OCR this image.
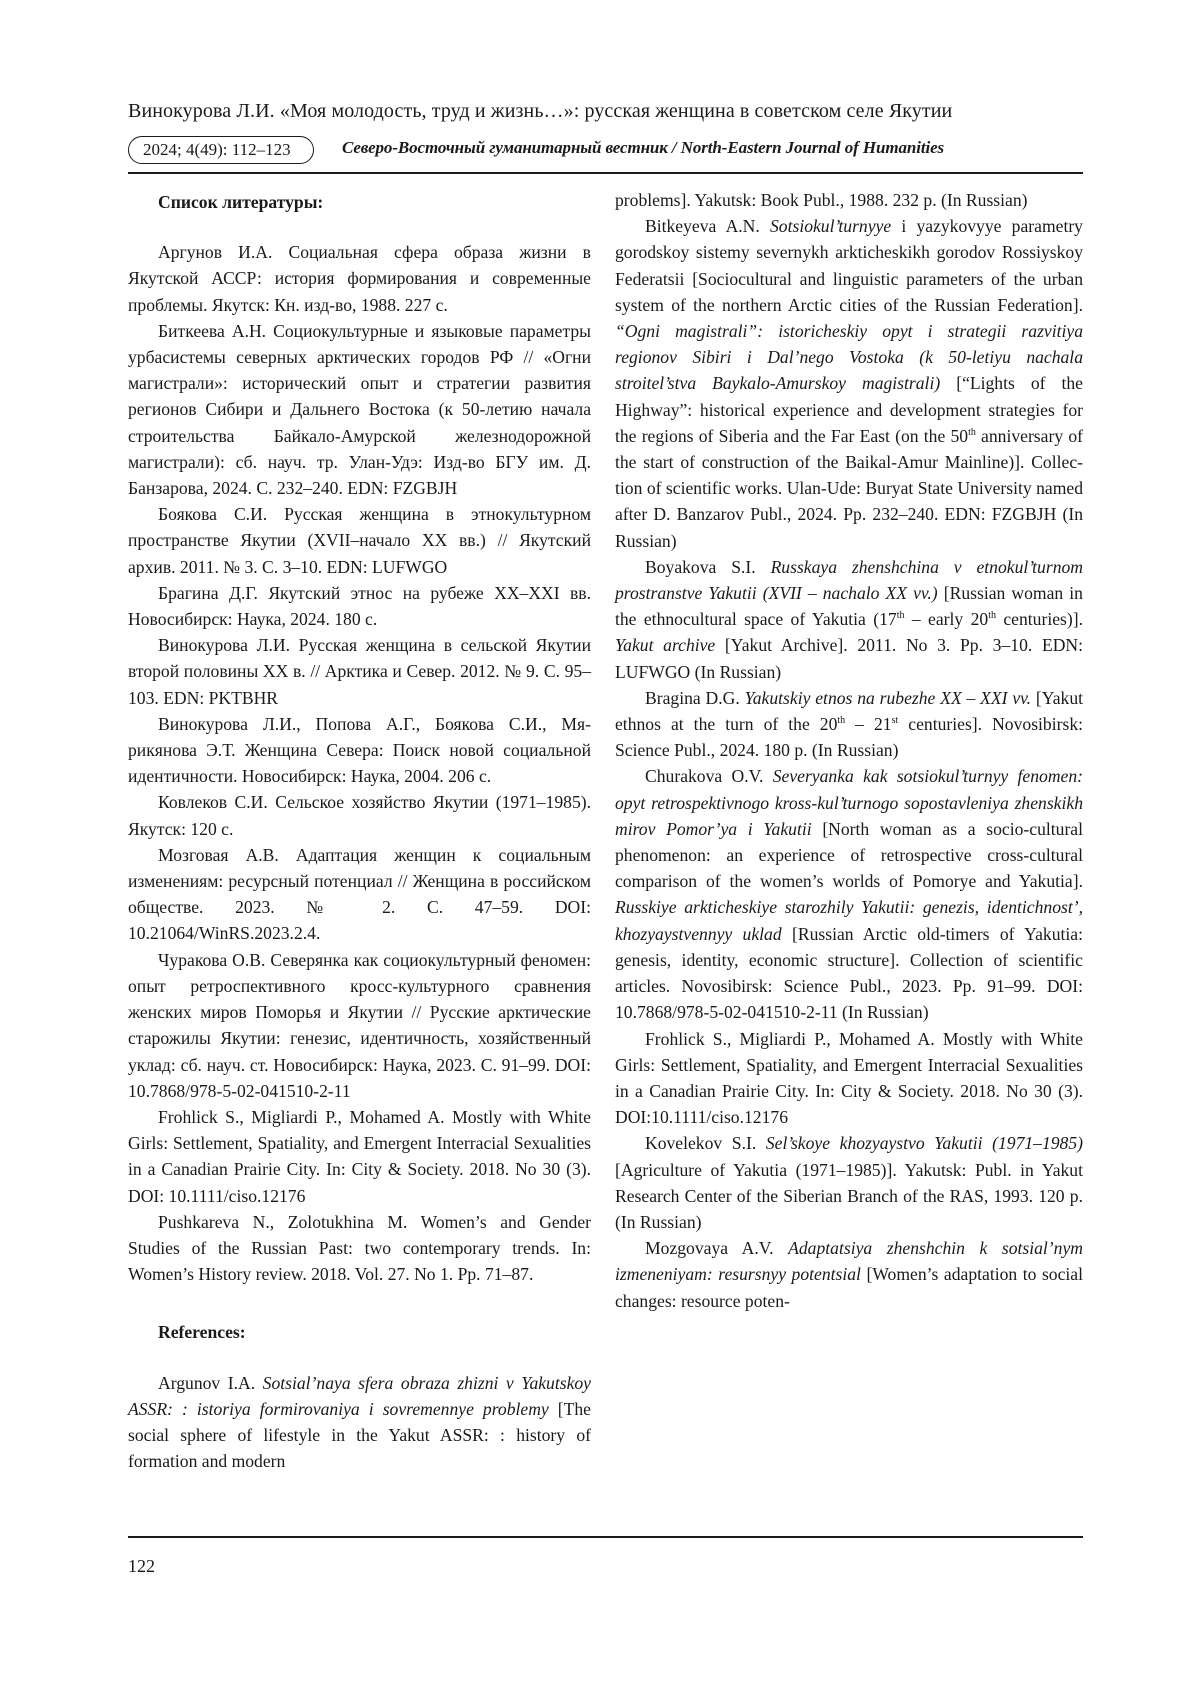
Винокурова Л.И. «Моя молодость, труд и жизнь…»: русская женщина в советском селе Якутии
2024; 4(49): 112–123	Северо-Восточный гуманитарный вестник / North-Eastern Journal of Humanities

Список литературы:

Аргунов И.А. Социальная сфера образа жизни в Якутской АССР: история формирования и современные проблемы. Якутск: Кн. изд-во, 1988. 227 с.

Биткеева А.Н. Социокультурные и языковые параметры урбасистемы северных арктических городов РФ // «Огни магистрали»: исторический опыт и стратегии развития регионов Сибири и Дальнего Востока (к 50-летию начала строительства Байкало-Амурской железнодорожной магистрали): сб. науч. тр. Улан-Удэ: Изд-во БГУ им. Д. Банзарова, 2024. С. 232–240. EDN: FZGBJH

Боякова С.И. Русская женщина в этнокультурном пространстве Якутии (XVII–начало XX вв.) // Якутский архив. 2011. № 3. С. 3–10. EDN: LUFWGO

Брагина Д.Г. Якутский этнос на рубеже XX–XXI вв. Новосибирск: Наука, 2024. 180 с.

Винокурова Л.И. Русская женщина в сельской Якутии второй половины XX в. // Арктика и Север. 2012. № 9. С. 95–103. EDN: PKTBHR

Винокурова Л.И., Попова А.Г., Боякова С.И., Мярикянова Э.Т. Женщина Севера: Поиск новой социальной идентичности. Новосибирск: Наука, 2004. 206 с.

Ковлеков С.И. Сельское хозяйство Якутии (1971–1985). Якутск: 120 с.

Мозговая А.В. Адаптация женщин к социальным изменениям: ресурсный потенциал // Женщина в российском обществе. 2023. № 2. С. 47–59. DOI: 10.21064/WinRS.2023.2.4.

Чуракова О.В. Северянка как социокультурный феномен: опыт ретроспективного кросс-культурного сравнения женских миров Поморья и Якутии // Русские арктические старожилы Якутии: генезис, идентичность, хозяйственный уклад: сб. науч. ст. Новосибирск: Наука, 2023. С. 91–99. DOI: 10.7868/978-5-02-041510-2-11

Frohlick S., Migliardi P., Mohamed A. Mostly with White Girls: Settlement, Spatiality, and Emergent Interracial Sexualities in a Canadian Prairie City. In: City & Society. 2018. No 30 (3). DOI: 10.1111/ciso.12176

Pushkareva N., Zolotukhina M. Women’s and Gender Studies of the Russian Past: two contemporary trends. In: Women’s History review. 2018. Vol. 27. No 1. Pp. 71–87.

References:

Argunov I.A. Sotsial’naya sfera obraza zhizni v Yakutskoy ASSR: : istoriya formirovaniya i sovremennye problemy [The social sphere of lifestyle in the Yakut ASSR: : history of formation and modern

problems]. Yakutsk: Book Publ., 1988. 232 p. (In Russian)

Bitkeyeva A.N. Sotsiokul’turnyye i yazykovyye parametry gorodskoy sistemy severnykh arkticheskikh gorodov Rossiyskoy Federatsii [Sociocultural and linguistic parameters of the urban system of the northern Arctic cities of the Russian Federation]. “Ogni magistrali”: istoricheskiy opyt i strategii razvitiya regionov Sibiri i Dal’nego Vostoka (k 50-letiyu nachala stroitel’stva Baykalo-Amurskoy magistrali) [“Lights of the Highway”: historical experience and development strategies for the regions of Siberia and the Far East (on the 50th anniversary of the start of construction of the Baikal-Amur Mainline)]. Collection of scientific works. Ulan-Ude: Buryat State University named after D. Banzarov Publ., 2024. Pp. 232–240. EDN: FZGBJH (In Russian)

Boyakova S.I. Russkaya zhenshchina v etnokul’turnom prostranstve Yakutii (XVII – nachalo XX vv.) [Russian woman in the ethnocultural space of Yakutia (17th – early 20th centuries)]. Yakut archive [Yakut Archive]. 2011. No 3. Pp. 3–10. EDN: LUFWGO (In Russian)

Bragina D.G. Yakutskiy etnos na rubezhe XX – XXI vv. [Yakut ethnos at the turn of the 20th – 21st centuries]. Novosibirsk: Science Publ., 2024. 180 p. (In Russian)

Churakova O.V. Severyanka kak sotsiokul’turnyy fenomen: opyt retrospektivnogo kross-kul’turnogo sopostavleniya zhenskikh mirov Pomor’ya i Yakutii [North woman as a socio-cultural phenomenon: an experience of retrospective cross-cultural comparison of the women’s worlds of Pomorye and Yakutia]. Russkiye arkticheskiye starozhily Yakutii: genezis, identichnost’, khozyaystvennyy uklad [Russian Arctic old-timers of Yakutia: genesis, identity, economic structure]. Collection of scientific articles. Novosibirsk: Science Publ., 2023. Pp. 91–99. DOI: 10.7868/978-5-02-041510-2-11 (In Russian)

Frohlick S., Migliardi P., Mohamed A. Mostly with White Girls: Settlement, Spatiality, and Emergent Interracial Sexualities in a Canadian Prairie City. In: City & Society. 2018. No 30 (3). DOI:10.1111/ciso.12176

Kovelekov S.I. Sel’skoye khozyaystvo Yakutii (1971–1985) [Agriculture of Yakutia (1971–1985)]. Yakutsk: Publ. in Yakut Research Center of the Siberian Branch of the RAS, 1993. 120 p. (In Russian)

Mozgovaya A.V. Adaptatsiya zhenshchin k sotsial’nym izmeneniyam: resursnyy potentsial [Women’s adaptation to social changes: resource poten-

122
